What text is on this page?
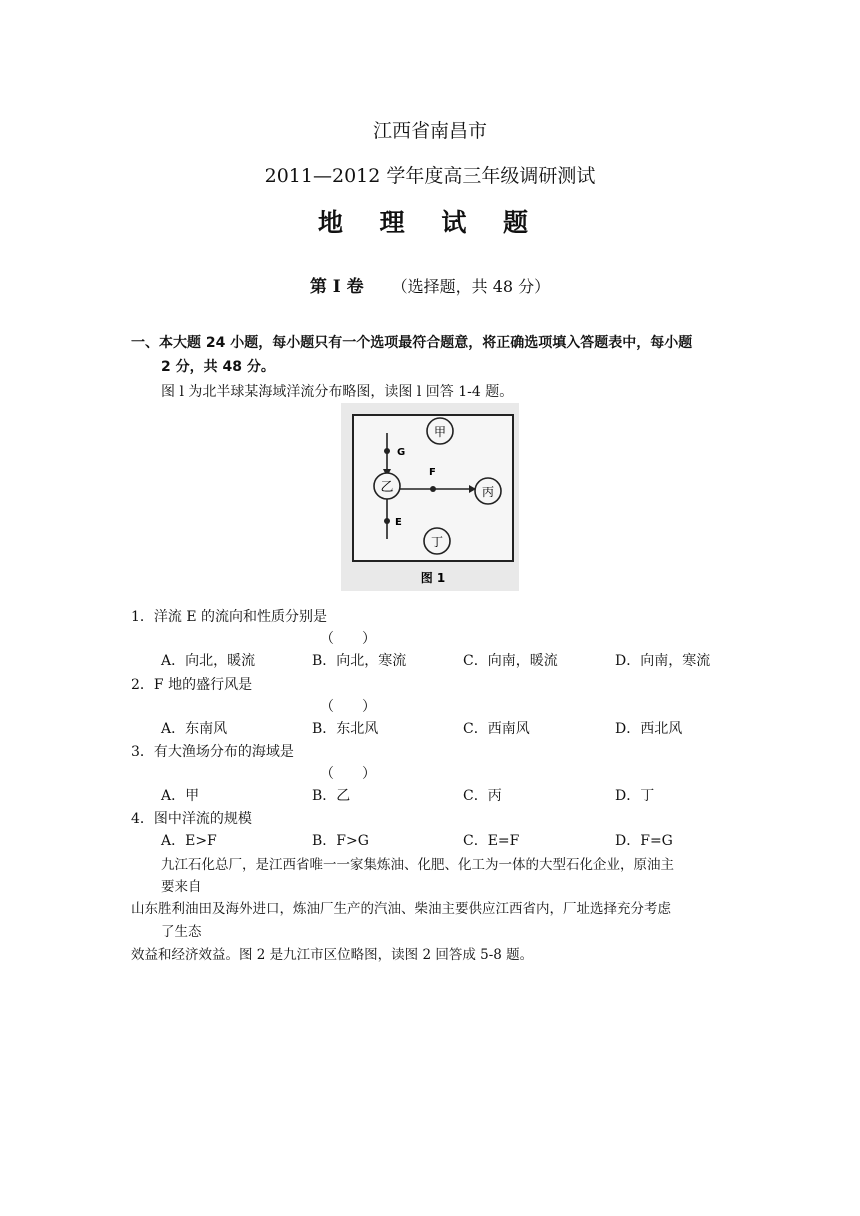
江西省南昌市
2011—2012 学年度高三年级调研测试
地 理 试 题
第 Ⅰ 卷 （选择题，共 48 分）
一、本大题 24 小题，每小题只有一个选项最符合题意，将正确选项填入答题表中，每小题
2 分，共 48 分。
图 l 为北半球某海域洋流分布略图，读图 l 回答 1-4 题。
G
乙
F
丙
E
甲
丁
图 1
1．洋流 E 的流向和性质分别是
（　　）
A．向北，暖流	B．向北，寒流	C．向南，暖流	D．向南，寒流
2．F 地的盛行风是
（　　）
A．东南风	B．东北风	C．西南风	D．西北风
3．有大渔场分布的海域是
（　　）
A．甲	B．乙	C．丙	D．丁
4．图中洋流的规模
A．E>F	B．F>G	C．E=F	D．F=G
九江石化总厂，是江西省唯一一家集炼油、化肥、化工为一体的大型石化企业，原油主
要来自
山东胜利油田及海外进口，炼油厂生产的汽油、柴油主要供应江西省内，厂址选择充分考虑
了生态
效益和经济效益。图 2 是九江市区位略图，读图 2 回答成 5-8 题。
